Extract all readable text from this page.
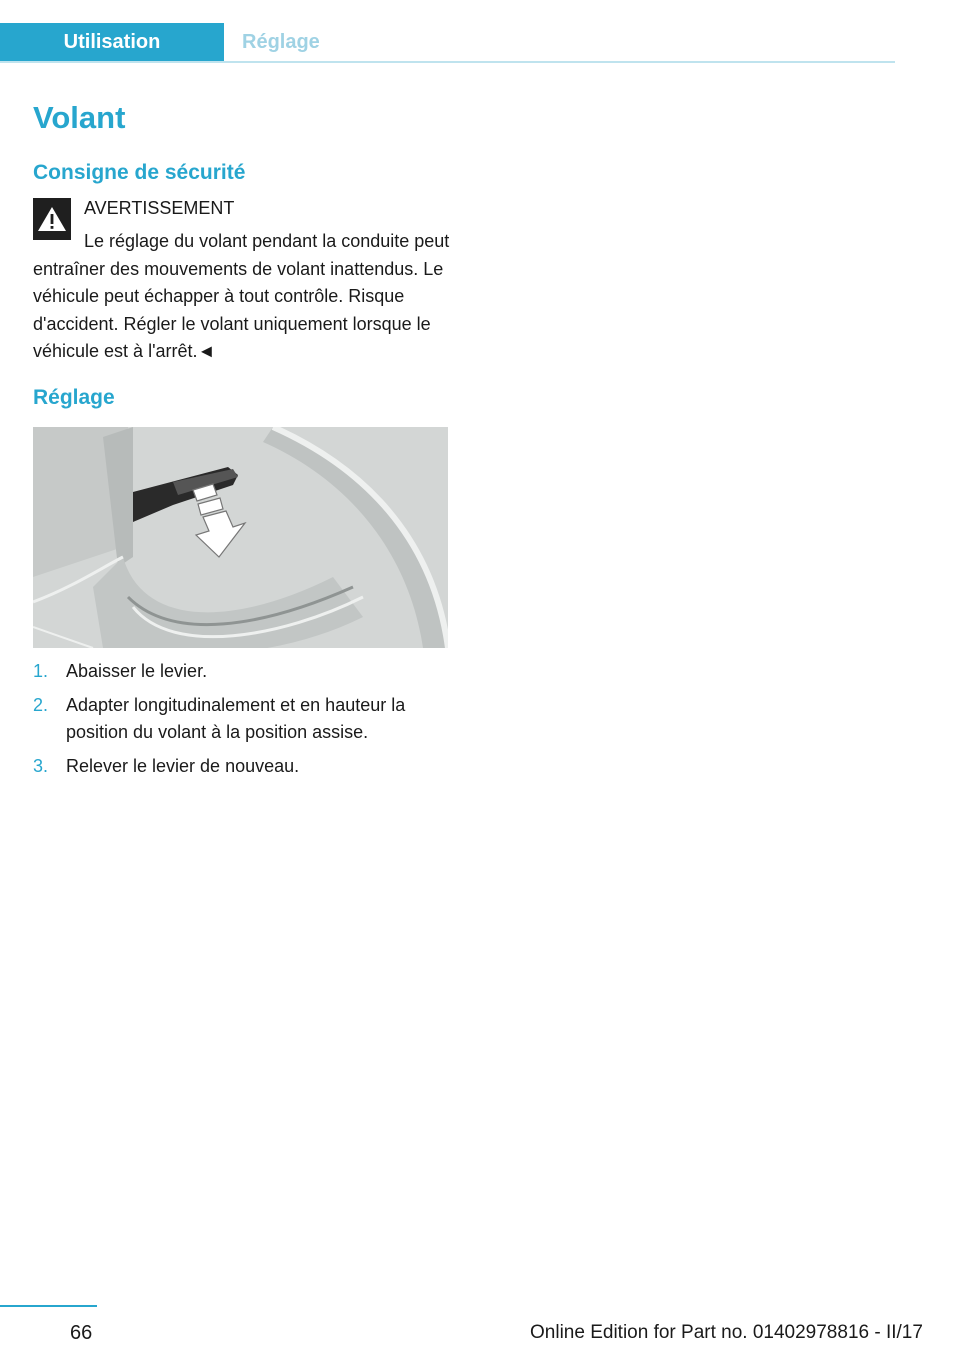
Utilisation	Réglage
Volant
Consigne de sécurité
AVERTISSEMENT

Le réglage du volant pendant la conduite peut entraîner des mouvements de volant inattendus. Le véhicule peut échapper à tout contrôle. Risque d'accident. Régler le volant uniquement lorsque le véhicule est à l'arrêt.◄

Réglage
1. Abaisser le levier.
2. Adapter longitudinalement et en hauteur la position du volant à la position assise.
3. Relever le levier de nouveau.
66	Online Edition for Part no. 01402978816 - II/17
